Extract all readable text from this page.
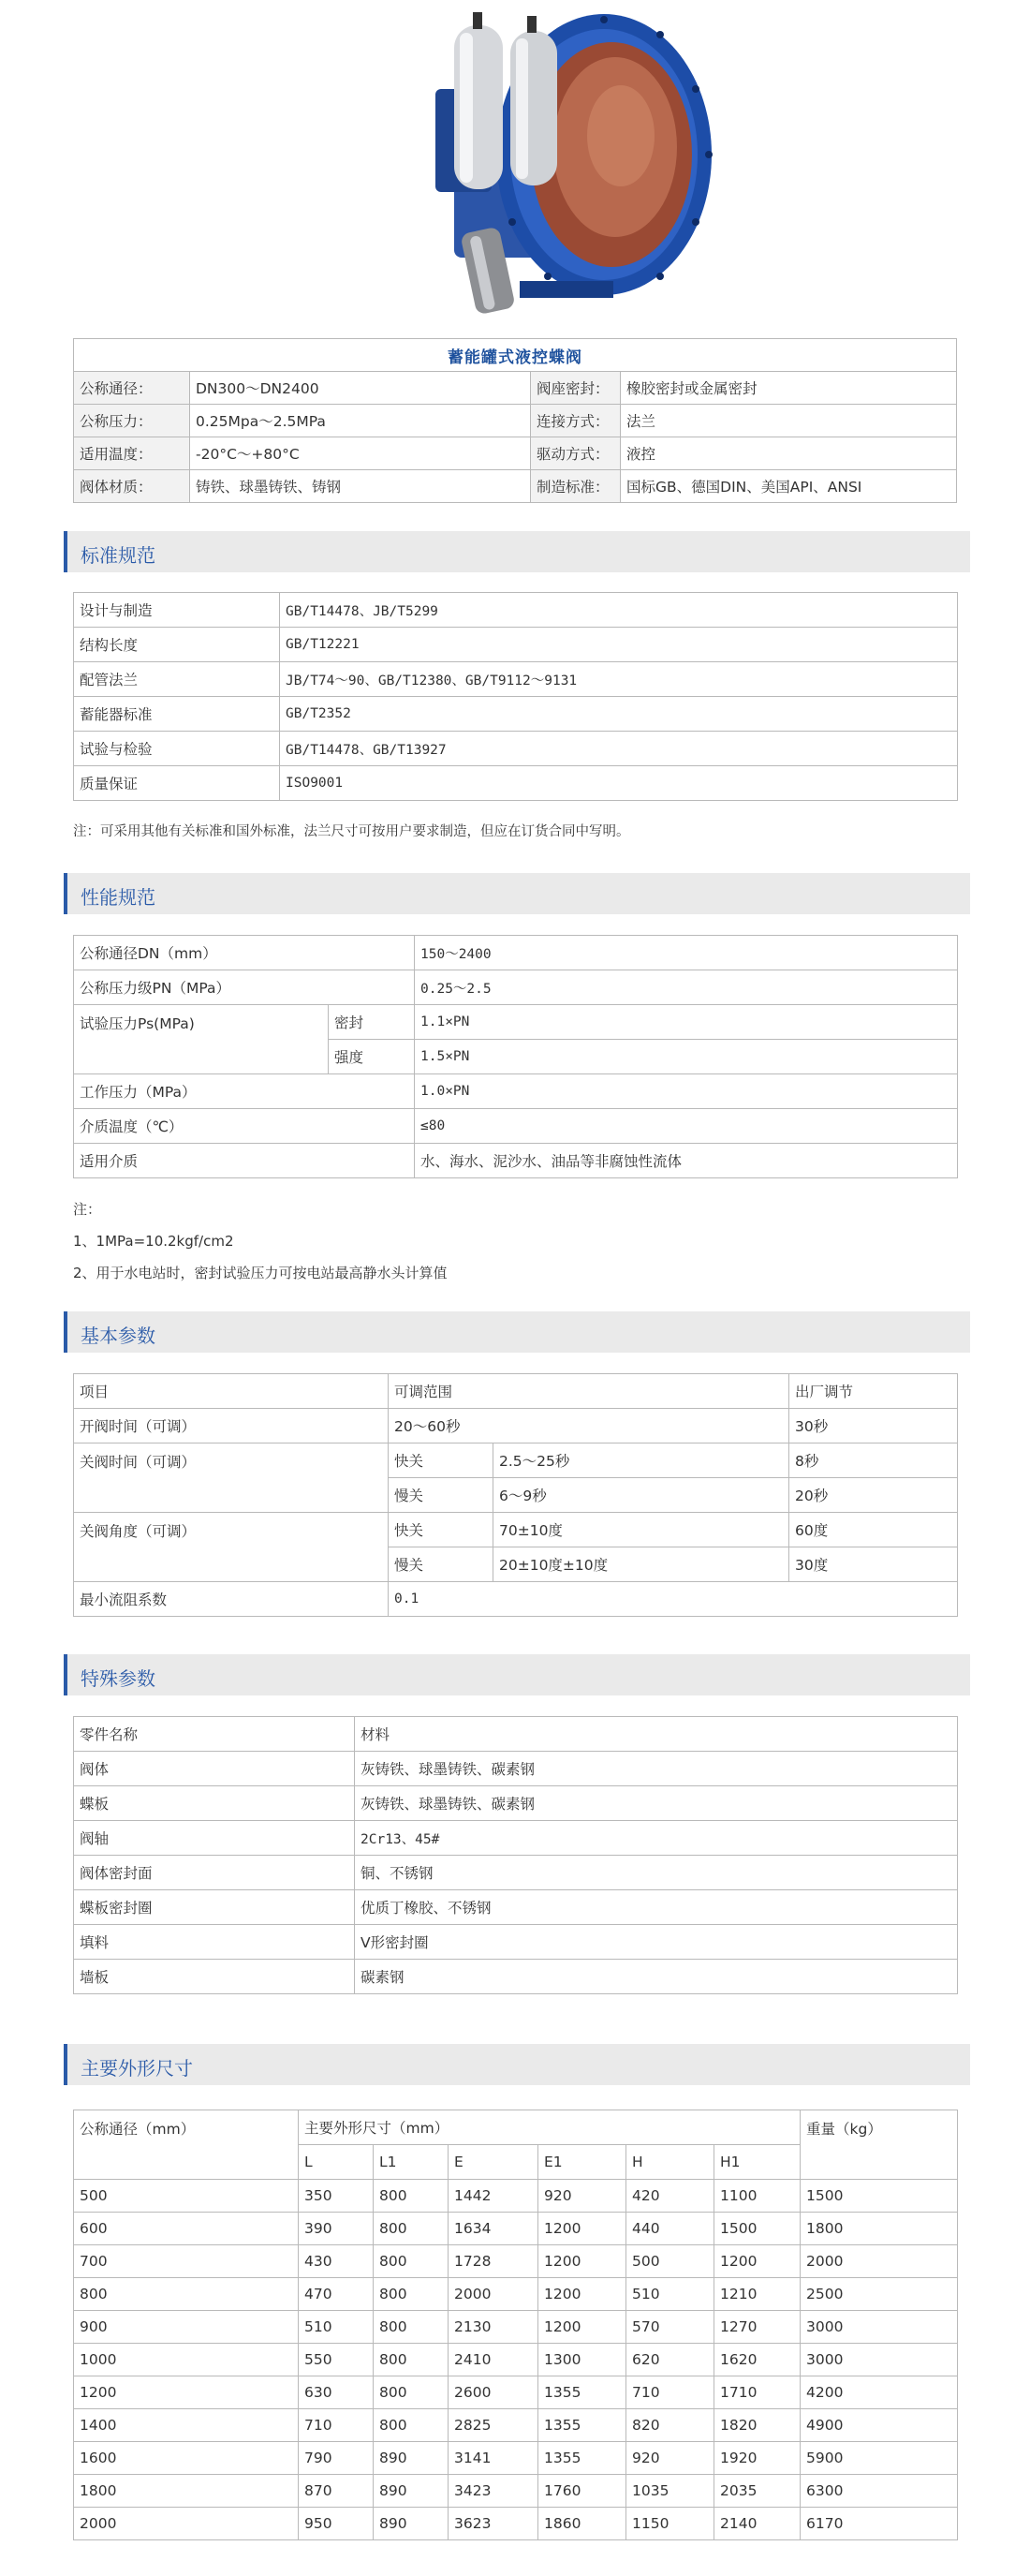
蓄能罐式液控蝶阀			
公称通径：	DN300～DN2400	阀座密封：	橡胶密封或金属密封
公称压力：	0.25Mpa～2.5MPa	连接方式：	法兰
适用温度：	-20°C～+80°C	驱动方式：	液控
阀体材质：	铸铁、球墨铸铁、铸钢	制造标准：	国标GB、德国DIN、美国API、ANSI
标准规范
设计与制造	GB/T14478、JB/T5299
结构长度	GB/T12221
配管法兰	JB/T74～90、GB/T12380、GB/T9112～9131
蓄能器标准	GB/T2352
试验与检验	GB/T14478、GB/T13927
质量保证	ISO9001
注：可采用其他有关标准和国外标准，法兰尺寸可按用户要求制造，但应在订货合同中写明。
性能规范
公称通径DN（mm）		150～2400
公称压力级PN（MPa）		0.25～2.5
试验压力Ps(MPa)	密封	1.1×PN
	强度	1.5×PN
工作压力（MPa）		1.0×PN
介质温度（℃）		≤80
适用介质		水、海水、泥沙水、油品等非腐蚀性流体
注：
1、1MPa=10.2kgf/cm2
2、用于水电站时，密封试验压力可按电站最高静水头计算值
基本参数
项目	可调范围		出厂调节
开阀时间（可调）	20～60秒		30秒
关阀时间（可调）	快关	2.5～25秒	8秒
	慢关	6～9秒	20秒
关阀角度（可调）	快关	70±10度	60度
	慢关	20±10度±10度	30度
最小流阻系数	0.1		
特殊参数
零件名称	材料
阀体	灰铸铁、球墨铸铁、碳素钢
蝶板	灰铸铁、球墨铸铁、碳素钢
阀轴	2Cr13、45#
阀体密封面	铜、不锈钢
蝶板密封圈	优质丁橡胶、不锈钢
填料	V形密封圈
墙板	碳素钢
主要外形尺寸
公称通径（mm）	主要外形尺寸（mm）						重量（kg）
	L	L1	E	E1	H	H1	
500	350	800	1442	920	420	1100	1500
600	390	800	1634	1200	440	1500	1800
700	430	800	1728	1200	500	1200	2000
800	470	800	2000	1200	510	1210	2500
900	510	800	2130	1200	570	1270	3000
1000	550	800	2410	1300	620	1620	3000
1200	630	800	2600	1355	710	1710	4200
1400	710	800	2825	1355	820	1820	4900
1600	790	890	3141	1355	920	1920	5900
1800	870	890	3423	1760	1035	2035	6300
2000	950	890	3623	1860	1150	2140	6170
